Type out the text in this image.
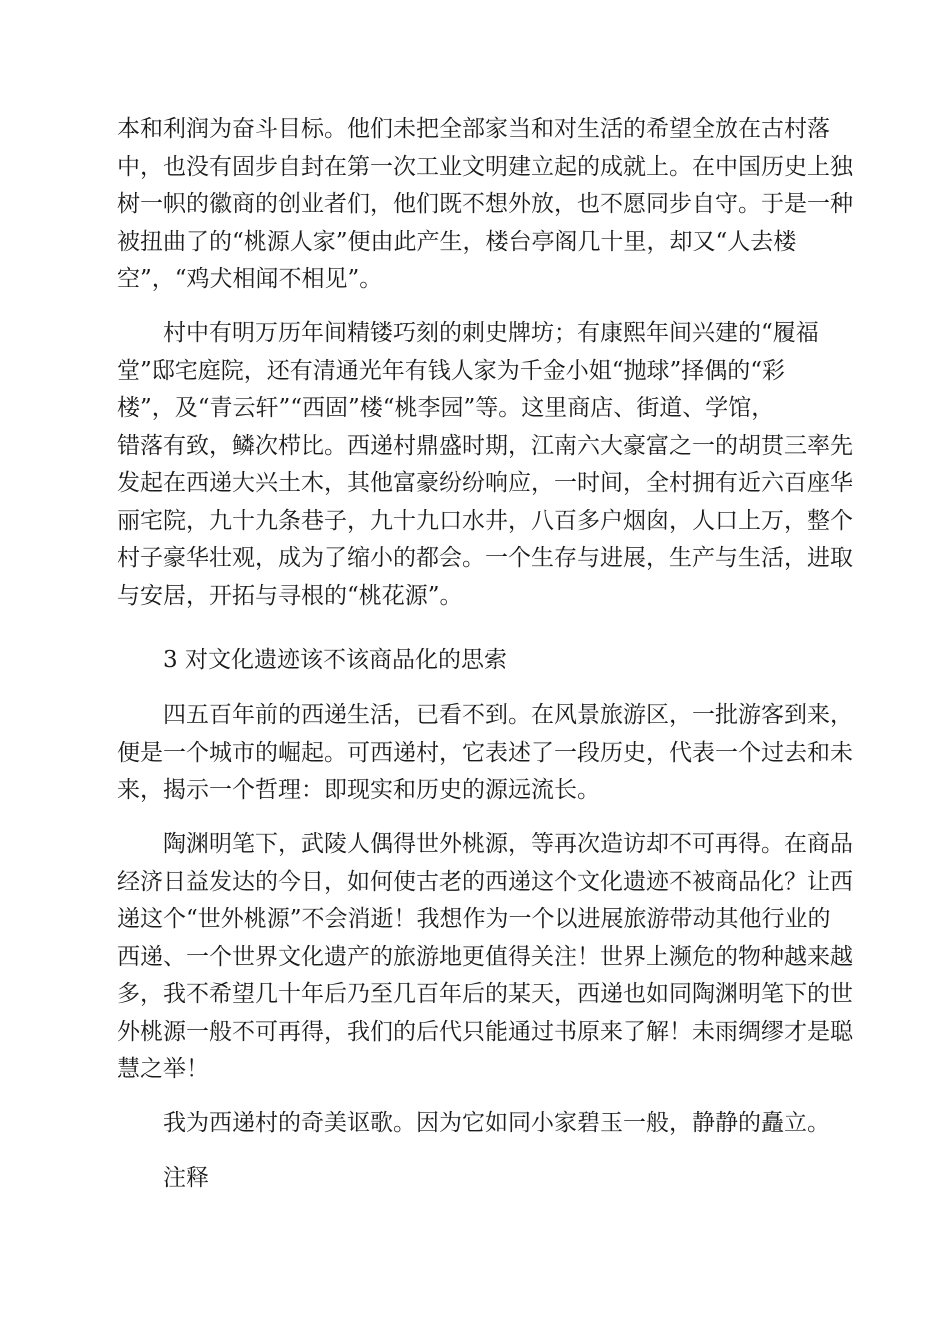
本和利润为奋斗目标。他们未把全部家当和对生活的希望全放在古村落
中，也没有固步自封在第一次工业文明建立起的成就上。在中国历史上独
树一帜的徽商的创业者们，他们既不想外放，也不愿同步自守。于是一种
被扭曲了的“桃源人家”便由此产生，楼台亭阁几十里，却又“人去楼
空”，“鸡犬相闻不相见”。
村中有明万历年间精镂巧刻的刺史牌坊；有康熙年间兴建的“履福
堂”邸宅庭院，还有清通光年有钱人家为千金小姐“抛球”择偶的“彩
楼”，及“青云轩”“西固”楼“桃李园”等。这里商店、街道、学馆，
错落有致，鳞次栉比。西递村鼎盛时期，江南六大豪富之一的胡贯三率先
发起在西递大兴土木，其他富豪纷纷响应，一时间，全村拥有近六百座华
丽宅院，九十九条巷子，九十九口水井，八百多户烟囱，人口上万，整个
村子豪华壮观，成为了缩小的都会。一个生存与进展，生产与生活，进取
与安居，开拓与寻根的“桃花源”。
3 对文化遗迹该不该商品化的思索
四五百年前的西递生活，已看不到。在风景旅游区，一批游客到来，
便是一个城市的崛起。可西递村，它表述了一段历史，代表一个过去和未
来，揭示一个哲理：即现实和历史的源远流长。
陶渊明笔下，武陵人偶得世外桃源，等再次造访却不可再得。在商品
经济日益发达的今日，如何使古老的西递这个文化遗迹不被商品化？让西
递这个“世外桃源”不会消逝！我想作为一个以进展旅游带动其他行业的
西递、一个世界文化遗产的旅游地更值得关注！世界上濒危的物种越来越
多，我不希望几十年后乃至几百年后的某天，西递也如同陶渊明笔下的世
外桃源一般不可再得，我们的后代只能通过书原来了解！未雨绸缪才是聪
慧之举！
我为西递村的奇美讴歌。因为它如同小家碧玉一般，静静的矗立。
注释
